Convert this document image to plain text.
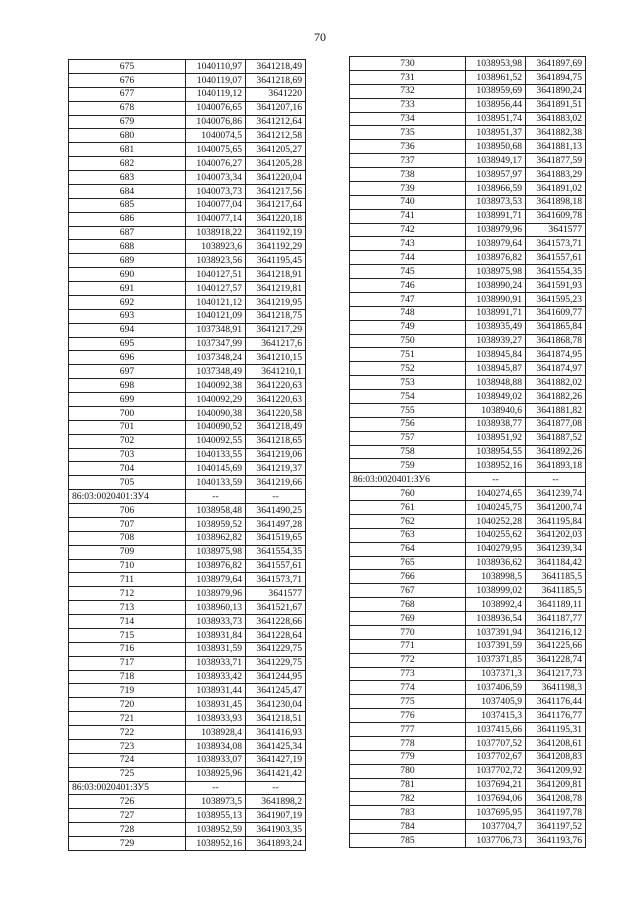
70
675	1040110,97	3641218,49
676	1040119,07	3641218,69
677	1040119,12	3641220
678	1040076,65	3641207,16
679	1040076,86	3641212,64
680	1040074,5	3641212,58
681	1040075,65	3641205,27
682	1040076,27	3641205,28
683	1040073,34	3641220,04
684	1040073,73	3641217,56
685	1040077,04	3641217,64
686	1040077,14	3641220,18
687	1038918,22	3641192,19
688	1038923,6	3641192,29
689	1038923,56	3641195,45
690	1040127,51	3641218,91
691	1040127,57	3641219,81
692	1040121,12	3641219,95
693	1040121,09	3641218,75
694	1037348,91	3641217,29
695	1037347,99	3641217,6
696	1037348,24	3641210,15
697	1037348,49	3641210,1
698	1040092,38	3641220,63
699	1040092,29	3641220,63
700	1040090,38	3641220,58
701	1040090,52	3641218,49
702	1040092,55	3641218,65
703	1040133,55	3641219,06
704	1040145,69	3641219,37
705	1040133,59	3641219,66
86:03:0020401:ЗУ4	--	--
706	1038958,48	3641490,25
707	1038959,52	3641497,28
708	1038962,82	3641519,65
709	1038975,98	3641554,35
710	1038976,82	3641557,61
711	1038979,64	3641573,71
712	1038979,96	3641577
713	1038960,13	3641521,67
714	1038933,73	3641228,66
715	1038931,84	3641228,64
716	1038931,59	3641229,75
717	1038933,71	3641229,75
718	1038933,42	3641244,95
719	1038931,44	3641245,47
720	1038931,45	3641230,04
721	1038933,93	3641218,51
722	1038928,4	3641416,93
723	1038934,08	3641425,34
724	1038933,07	3641427,19
725	1038925,96	3641421,42
86:03:0020401:ЗУ5	--	--
726	1038973,5	3641898,2
727	1038955,13	3641907,19
728	1038952,59	3641903,35
729	1038952,16	3641893,24
730	1038953,98	3641897,69
731	1038961,52	3641894,75
732	1038959,69	3641890,24
733	1038956,44	3641891,51
734	1038951,74	3641883,02
735	1038951,37	3641882,38
736	1038950,68	3641881,13
737	1038949,17	3641877,59
738	1038957,97	3641883,29
739	1038966,59	3641891,02
740	1038973,53	3641898,18
741	1038991,71	3641609,78
742	1038979,96	3641577
743	1038979,64	3641573,71
744	1038976,82	3641557,61
745	1038975,98	3641554,35
746	1038990,24	3641591,93
747	1038990,91	3641595,23
748	1038991,71	3641609,77
749	1038935,49	3641865,84
750	1038939,27	3641868,78
751	1038945,84	3641874,95
752	1038945,87	3641874,97
753	1038948,88	3641882,02
754	1038949,02	3641882,26
755	1038940,6	3641881,82
756	1038938,77	3641877,08
757	1038951,92	3641887,52
758	1038954,55	3641892,26
759	1038952,16	3641893,18
86:03:0020401:ЗУ6	--	--
760	1040274,65	3641239,74
761	1040245,75	3641200,74
762	1040252,28	3641195,84
763	1040255,62	3641202,03
764	1040279,95	3641239,34
765	1038936,62	3641184,42
766	1038998,5	3641185,5
767	1038999,02	3641185,5
768	1038992,4	3641189,11
769	1038936,54	3641187,77
770	1037391,94	3641216,12
771	1037391,59	3641225,66
772	1037371,85	3641228,74
773	1037371,3	3641217,73
774	1037406,59	3641198,3
775	1037405,9	3641176,44
776	1037415,3	3641176,77
777	1037415,66	3641195,31
778	1037707,52	3641208,61
779	1037702,67	3641208,83
780	1037702,72	3641209,92
781	1037694,21	3641209,81
782	1037694,06	3641208,78
783	1037695,95	3641197,78
784	1037704,7	3641197,52
785	1037706,73	3641193,76
